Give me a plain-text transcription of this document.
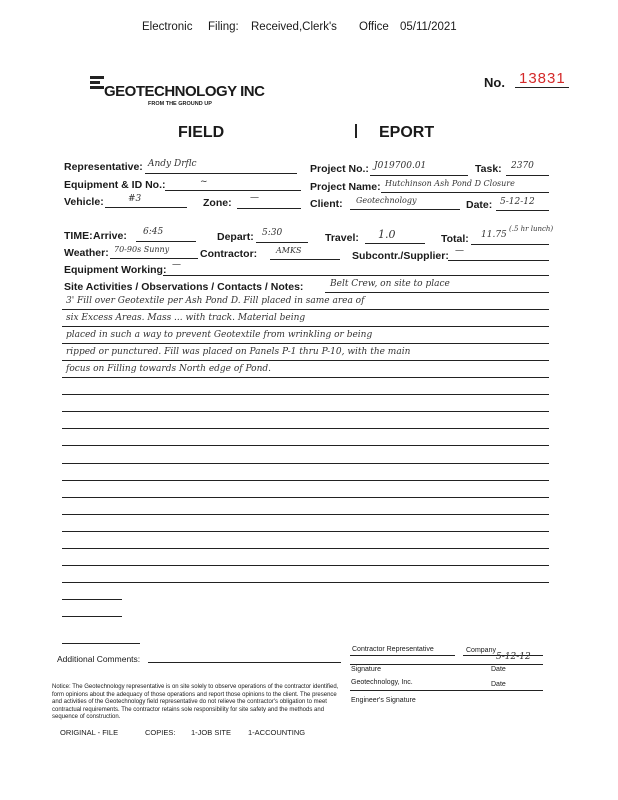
Electronic Filing: Received,Clerk's Office 05/11/2021
GEOTECHNOLOGY INC
FROM THE GROUND UP
No. 13831
FIELD	EPORT
Representative: Andy Drflc	Project No.: J019700.01	Task: 2370
Equipment & ID No.:	~	Project Name: Hutchinson Ash Pond D Closure
Vehicle:	#3	Zone: —	Client: Geotechnology	Date: 5-12-12
TIME: Arrive: 6:45	Depart: 5:30	Travel: 1.0	Total: 11.75
(.5 hr lunch)
Weather: 70-90s Sunny	Contractor: AMKS	Subcontr./Supplier: —
Equipment Working: —
Site Activities / Observations / Contacts / Notes:	Belt Crew, on site to place
3' Fill over Geotextile per Ash Pond D. Fill placed in same area of
six Excess Areas. Mass ... with track. Material being
placed in such a way to prevent Geotextile from wrinkling or being
ripped or punctured. Fill was placed on Panels P-1 thru P-10, with the main
focus on Filling towards North edge of Pond.
Additional Comments:
Contractor Representative	Company
5-12-12
Signature	Date
Geotechnology, Inc.	Date
Engineer's Signature
Notice: The Geotechnology representative is on site solely to observe operations of the contractor identified, form opinions about the adequacy of those operations and report those opinions to the client. The presence and activities of the Geotechnology field representative do not relieve the contractor's obligation to meet contractual requirements. The contractor retains sole responsibility for site safety and the methods and sequence of construction.
ORIGINAL - FILE	COPIES: 1-JOB SITE 1-ACCOUNTING
